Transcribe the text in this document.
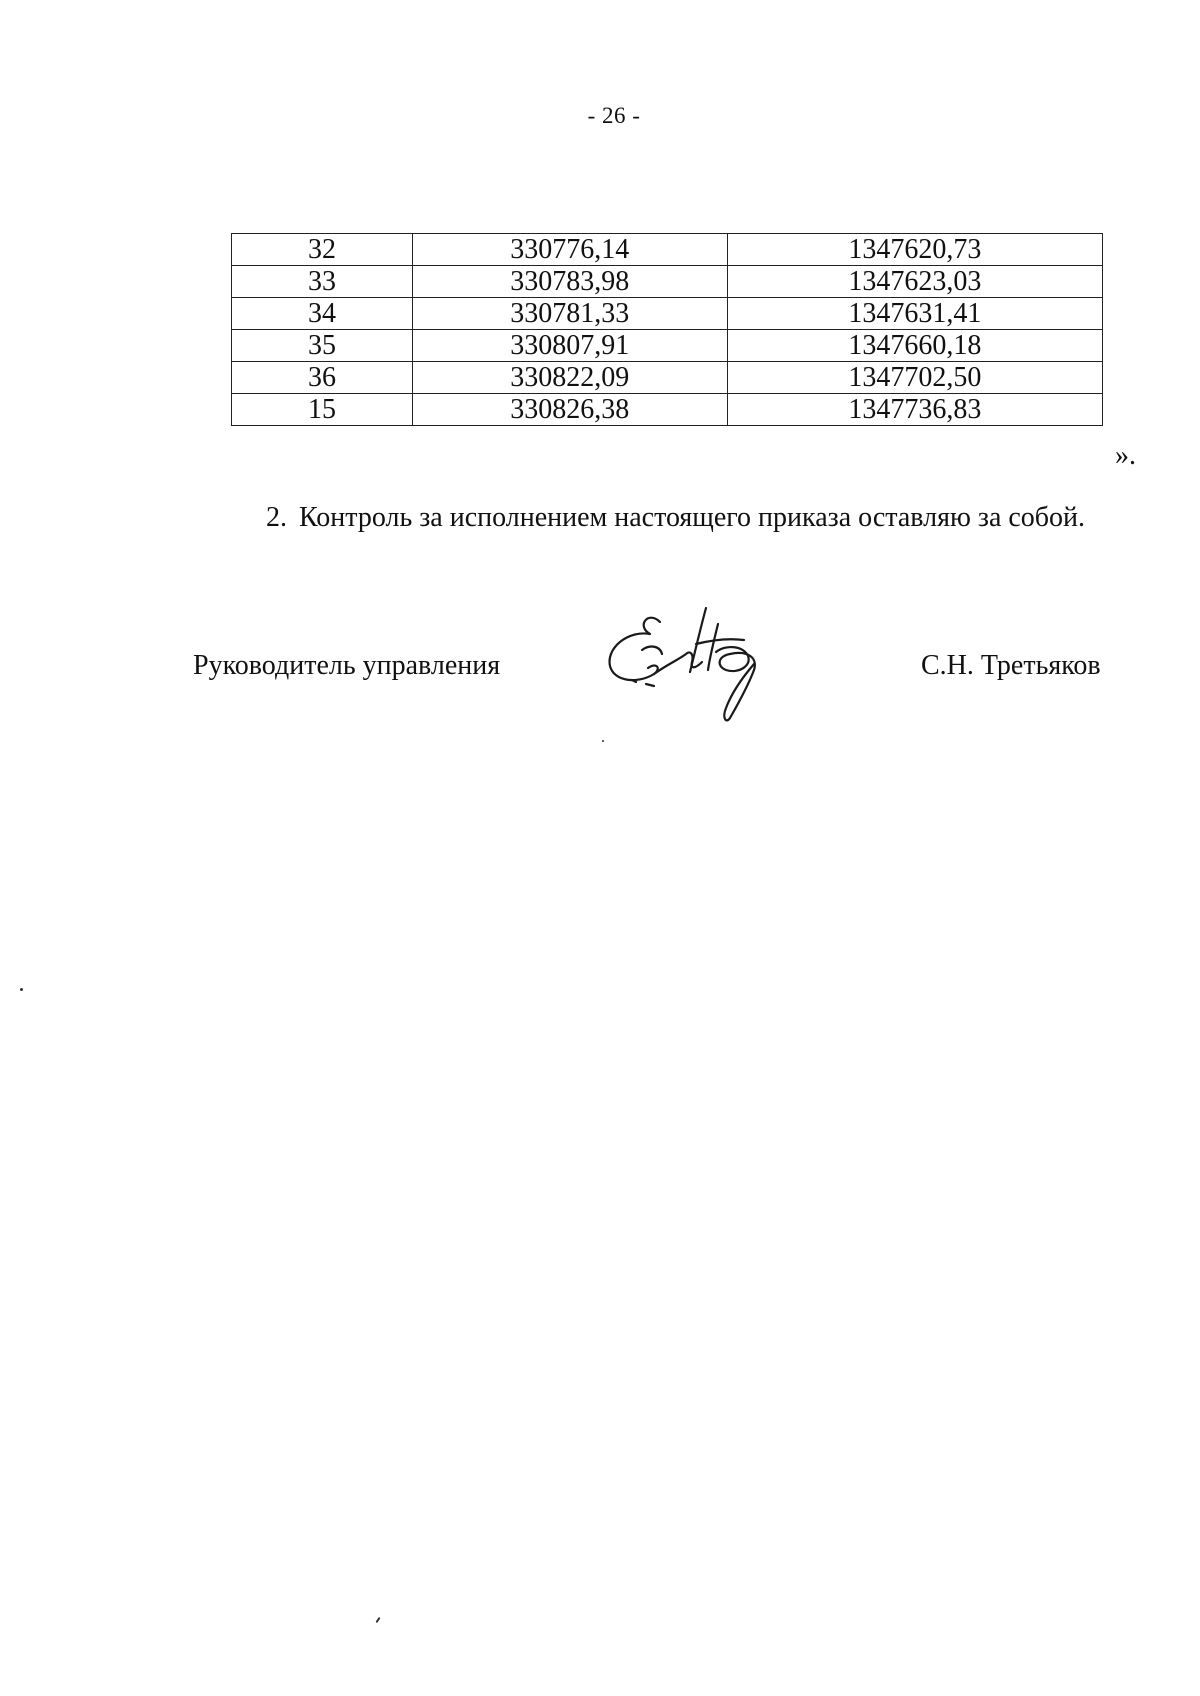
- 26 -
32	330776,14	1347620,73
33	330783,98	1347623,03
34	330781,33	1347631,41
35	330807,91	1347660,18
36	330822,09	1347702,50
15	330826,38	1347736,83
».
2. Контроль за исполнением настоящего приказа оставляю за собой.
Руководитель управления	С.Н. Третьяков
